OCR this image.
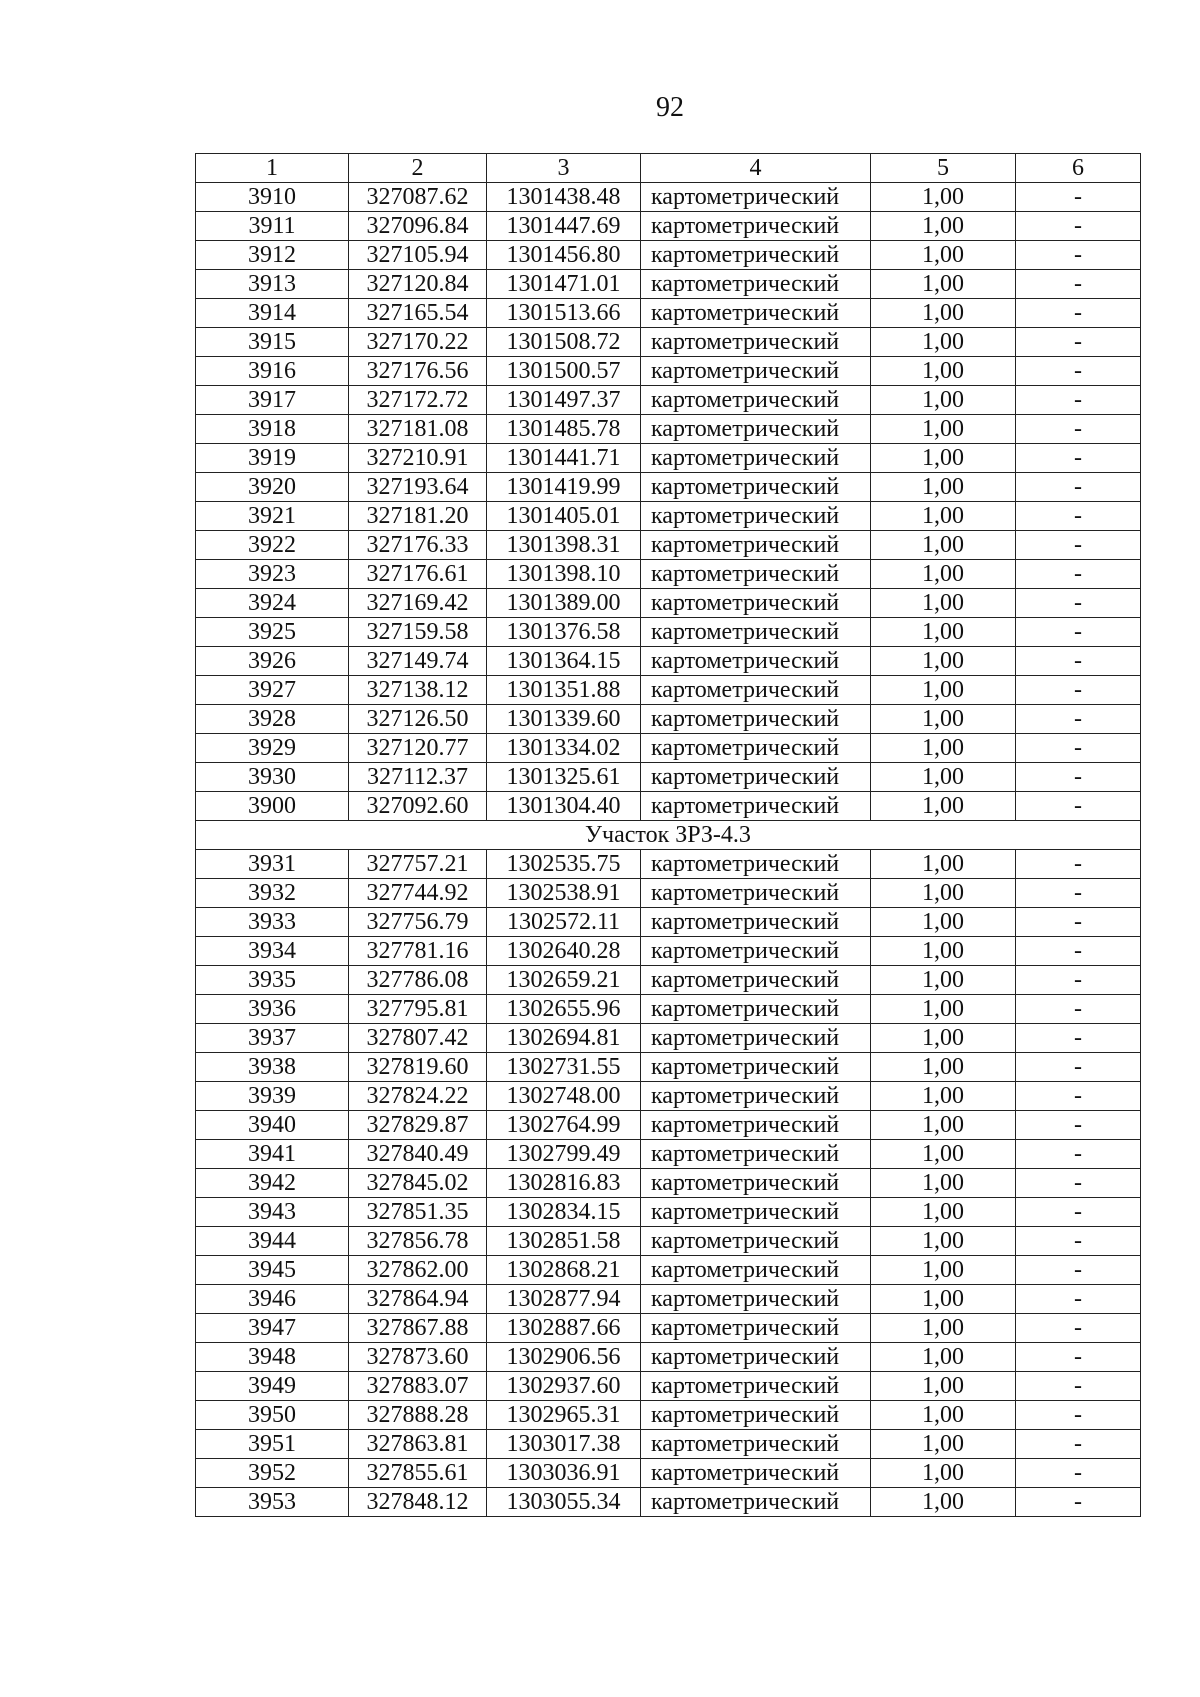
92
1	2	3	4	5	6
3910	327087.62	1301438.48	картометрический	1,00	-
3911	327096.84	1301447.69	картометрический	1,00	-
3912	327105.94	1301456.80	картометрический	1,00	-
3913	327120.84	1301471.01	картометрический	1,00	-
3914	327165.54	1301513.66	картометрический	1,00	-
3915	327170.22	1301508.72	картометрический	1,00	-
3916	327176.56	1301500.57	картометрический	1,00	-
3917	327172.72	1301497.37	картометрический	1,00	-
3918	327181.08	1301485.78	картометрический	1,00	-
3919	327210.91	1301441.71	картометрический	1,00	-
3920	327193.64	1301419.99	картометрический	1,00	-
3921	327181.20	1301405.01	картометрический	1,00	-
3922	327176.33	1301398.31	картометрический	1,00	-
3923	327176.61	1301398.10	картометрический	1,00	-
3924	327169.42	1301389.00	картометрический	1,00	-
3925	327159.58	1301376.58	картометрический	1,00	-
3926	327149.74	1301364.15	картометрический	1,00	-
3927	327138.12	1301351.88	картометрический	1,00	-
3928	327126.50	1301339.60	картометрический	1,00	-
3929	327120.77	1301334.02	картометрический	1,00	-
3930	327112.37	1301325.61	картометрический	1,00	-
3900	327092.60	1301304.40	картометрический	1,00	-
Участок ЗРЗ-4.3					
3931	327757.21	1302535.75	картометрический	1,00	-
3932	327744.92	1302538.91	картометрический	1,00	-
3933	327756.79	1302572.11	картометрический	1,00	-
3934	327781.16	1302640.28	картометрический	1,00	-
3935	327786.08	1302659.21	картометрический	1,00	-
3936	327795.81	1302655.96	картометрический	1,00	-
3937	327807.42	1302694.81	картометрический	1,00	-
3938	327819.60	1302731.55	картометрический	1,00	-
3939	327824.22	1302748.00	картометрический	1,00	-
3940	327829.87	1302764.99	картометрический	1,00	-
3941	327840.49	1302799.49	картометрический	1,00	-
3942	327845.02	1302816.83	картометрический	1,00	-
3943	327851.35	1302834.15	картометрический	1,00	-
3944	327856.78	1302851.58	картометрический	1,00	-
3945	327862.00	1302868.21	картометрический	1,00	-
3946	327864.94	1302877.94	картометрический	1,00	-
3947	327867.88	1302887.66	картометрический	1,00	-
3948	327873.60	1302906.56	картометрический	1,00	-
3949	327883.07	1302937.60	картометрический	1,00	-
3950	327888.28	1302965.31	картометрический	1,00	-
3951	327863.81	1303017.38	картометрический	1,00	-
3952	327855.61	1303036.91	картометрический	1,00	-
3953	327848.12	1303055.34	картометрический	1,00	-
